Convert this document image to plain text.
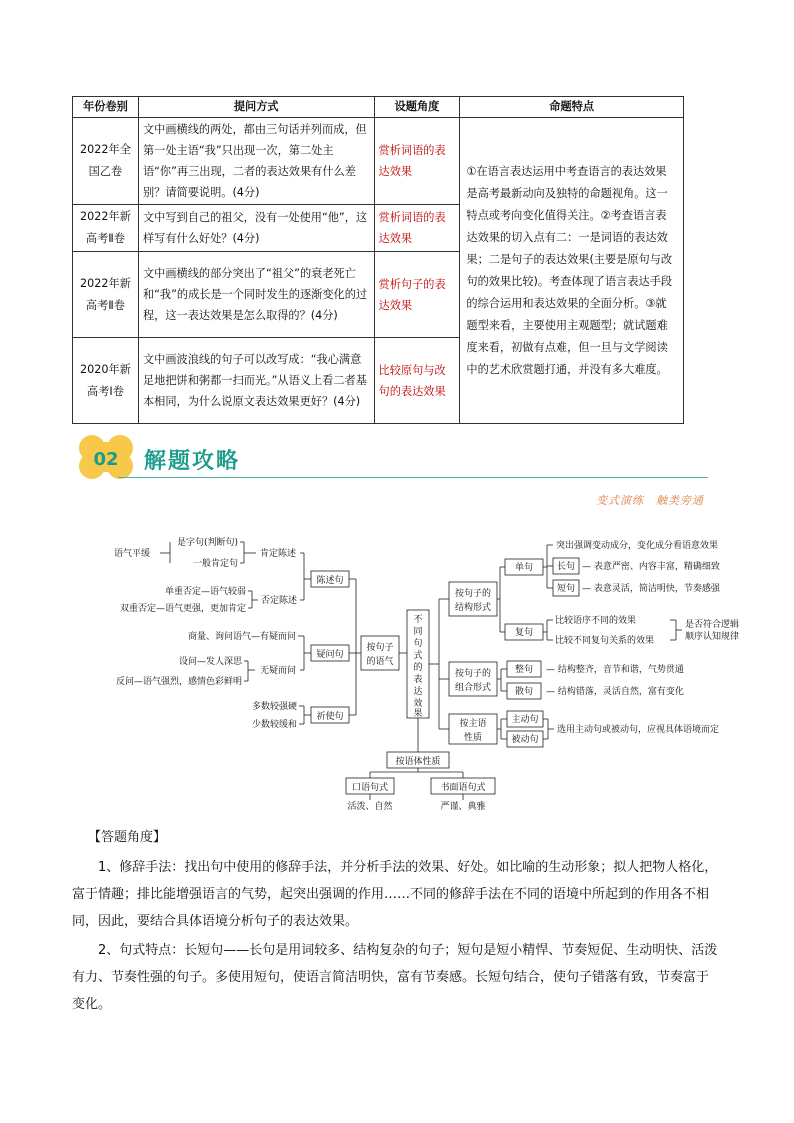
年份卷别	提问方式	设题角度	命题特点
2022年全国乙卷	文中画横线的两处，都由三句话并列而成，但第一处主语“我”只出现一次，第二处主语“你”再三出现，二者的表达效果有什么差别？请简要说明。(4分)	赏析词语的表达效果	①在语言表达运用中考查语言的表达效果是高考最新动向及独特的命题视角。这一特点或考向变化值得关注。②考查语言表达效果的切入点有二：一是词语的表达效果；二是句子的表达效果(主要是原句与改句的效果比较)。考查体现了语言表达手段的综合运用和表达效果的全面分析。③就题型来看，主要使用主观题型；就试题难度来看，初做有点难，但一旦与文学阅读中的艺术欣赏题打通，并没有多大难度。
2022年新高考Ⅱ卷	文中写到自己的祖父，没有一处使用“他”，这样写有什么好处？(4分)	赏析词语的表达效果	
2022年新高考Ⅱ卷	文中画横线的部分突出了“祖父”的衰老死亡和“我”的成长是一个同时发生的逐渐变化的过程，这一表达效果是怎么取得的？(4分)	赏析句子的表达效果	
2020年新高考Ⅰ卷	文中画波浪线的句子可以改写成：“我心满意足地把饼和粥都一扫而光。”从语义上看二者基本相同，为什么说原文表达效果更好？(4分)	比较原句与改句的表达效果	
02 解题攻略
变式演练　触类旁通
不
同
句
式
的
表
达
效
果
按句子
的语气
陈述句
疑问句
祈使句
肯定陈述
否定陈述
语气平缓
是字句(判断句)
一般肯定句
单重否定—语气较弱
双重否定—语气更强，更加肯定
商量、询问语气—有疑而问
无疑而问
设问—发人深思
反问—语气强烈，感情色彩鲜明
多数较强硬
少数较缓和
按句子的
结构形式
单句
复句
突出强调变动成分，变化成分看语意效果
长句
短句
— 表意严密、内容丰富，精确细致
— 表意灵活，简洁明快，节奏感强
比较语序不同的效果
比较不同复句关系的效果
是否符合逻辑
顺序认知规律
按句子的
组合形式
整句
散句
— 结构整齐，音节和谐，气势贯通
— 结构错落，灵活自然，富有变化
按主语
性质
主动句
被动句
选用主动句或被动句，应视具体语境而定
按语体性质
口语句式	书面语句式
活泼、自然	严谨、典雅
【答题角度】
1、修辞手法：找出句中使用的修辞手法，并分析手法的效果、好处。如比喻的生动形象；拟人把物人格化，富于情趣；排比能增强语言的气势，起突出强调的作用……不同的修辞手法在不同的语境中所起到的作用各不相同，因此，要结合具体语境分析句子的表达效果。
2、句式特点：长短句——长句是用词较多、结构复杂的句子；短句是短小精悍、节奏短促、生动明快、活泼有力、节奏性强的句子。多使用短句，使语言简洁明快，富有节奏感。长短句结合，使句子错落有致，节奏富于变化。
